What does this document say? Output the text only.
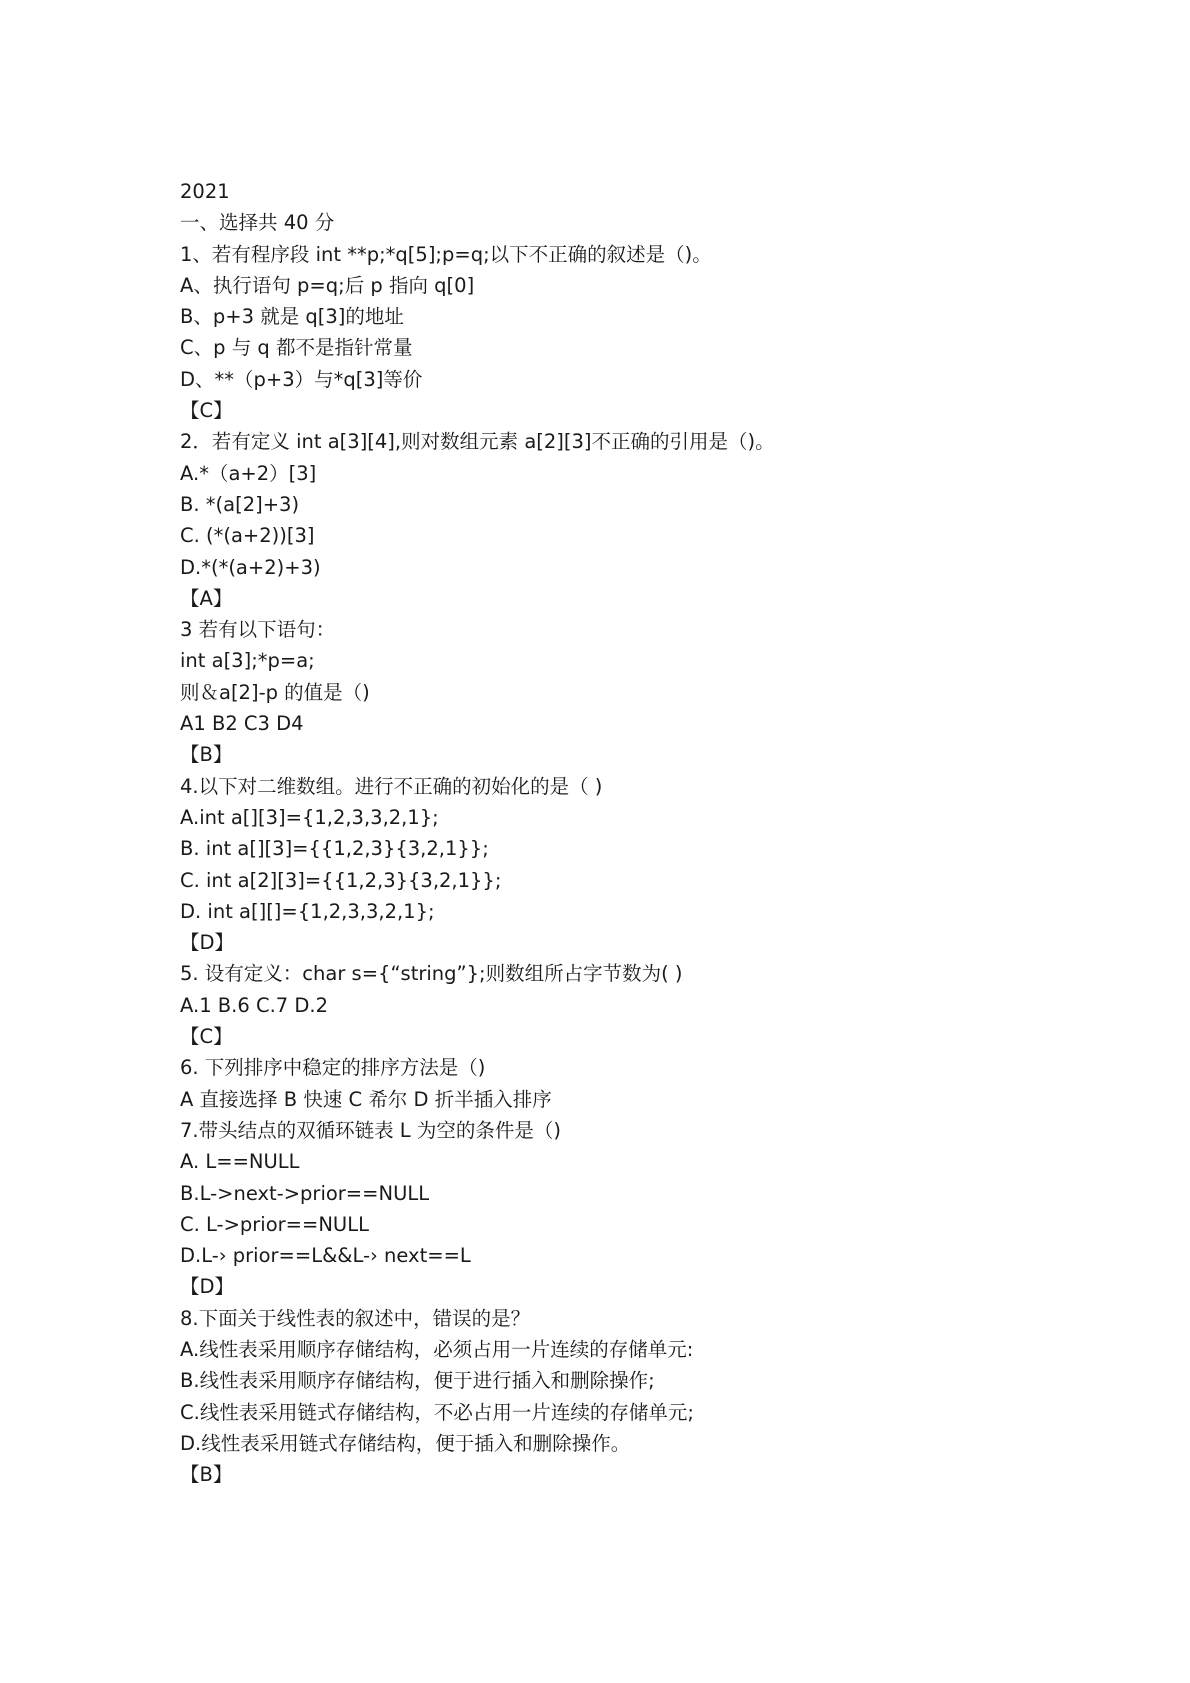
2021
一、选择共 40 分
1、若有程序段 int **p;*q[5];p=q;以下不正确的叙述是（)。
A、执行语句 p=q;后 p 指向 q[0]
B、p+3 就是 q[3]的地址
C、p 与 q 都不是指针常量
D、**（p+3）与*q[3]等价
【C】
2．若有定义 int a[3][4],则对数组元素 a[2][3]不正确的引用是（)。
A.*（a+2）[3]
B. *(a[2]+3)
C. (*(a+2))[3]
D.*(*(a+2)+3)
【A】
3 若有以下语句：
int a[3];*p=a;
则＆a[2]-p 的值是（)
A1 B2 C3 D4
【B】
4.以下对二维数组。进行不正确的初始化的是（ )
A.int a[][3]={1,2,3,3,2,1};
B. int a[][3]={{1,2,3}{3,2,1}};
C. int a[2][3]={{1,2,3}{3,2,1}};
D. int a[][]={1,2,3,3,2,1};
【D】
5. 设有定义：char s={“string”};则数组所占字节数为( )
A.1 B.6 C.7 D.2
【C】
6. 下列排序中稳定的排序方法是（)
A 直接选择 B 快速 C 希尔 D 折半插入排序
7.带头结点的双循环链表 L 为空的条件是（)
A. L==NULL
B.L->next->prior==NULL
C. L->prior==NULL
D.L-› prior==L&&L-› next==L
【D】
8.下面关于线性表的叙述中，错误的是？
A.线性表采用顺序存储结构，必须占用一片连续的存储单元:
B.线性表采用顺序存储结构，便于进行插入和删除操作;
C.线性表采用链式存储结构，不必占用一片连续的存储单元;
D.线性表采用链式存储结构，便于插入和删除操作。
【B】
